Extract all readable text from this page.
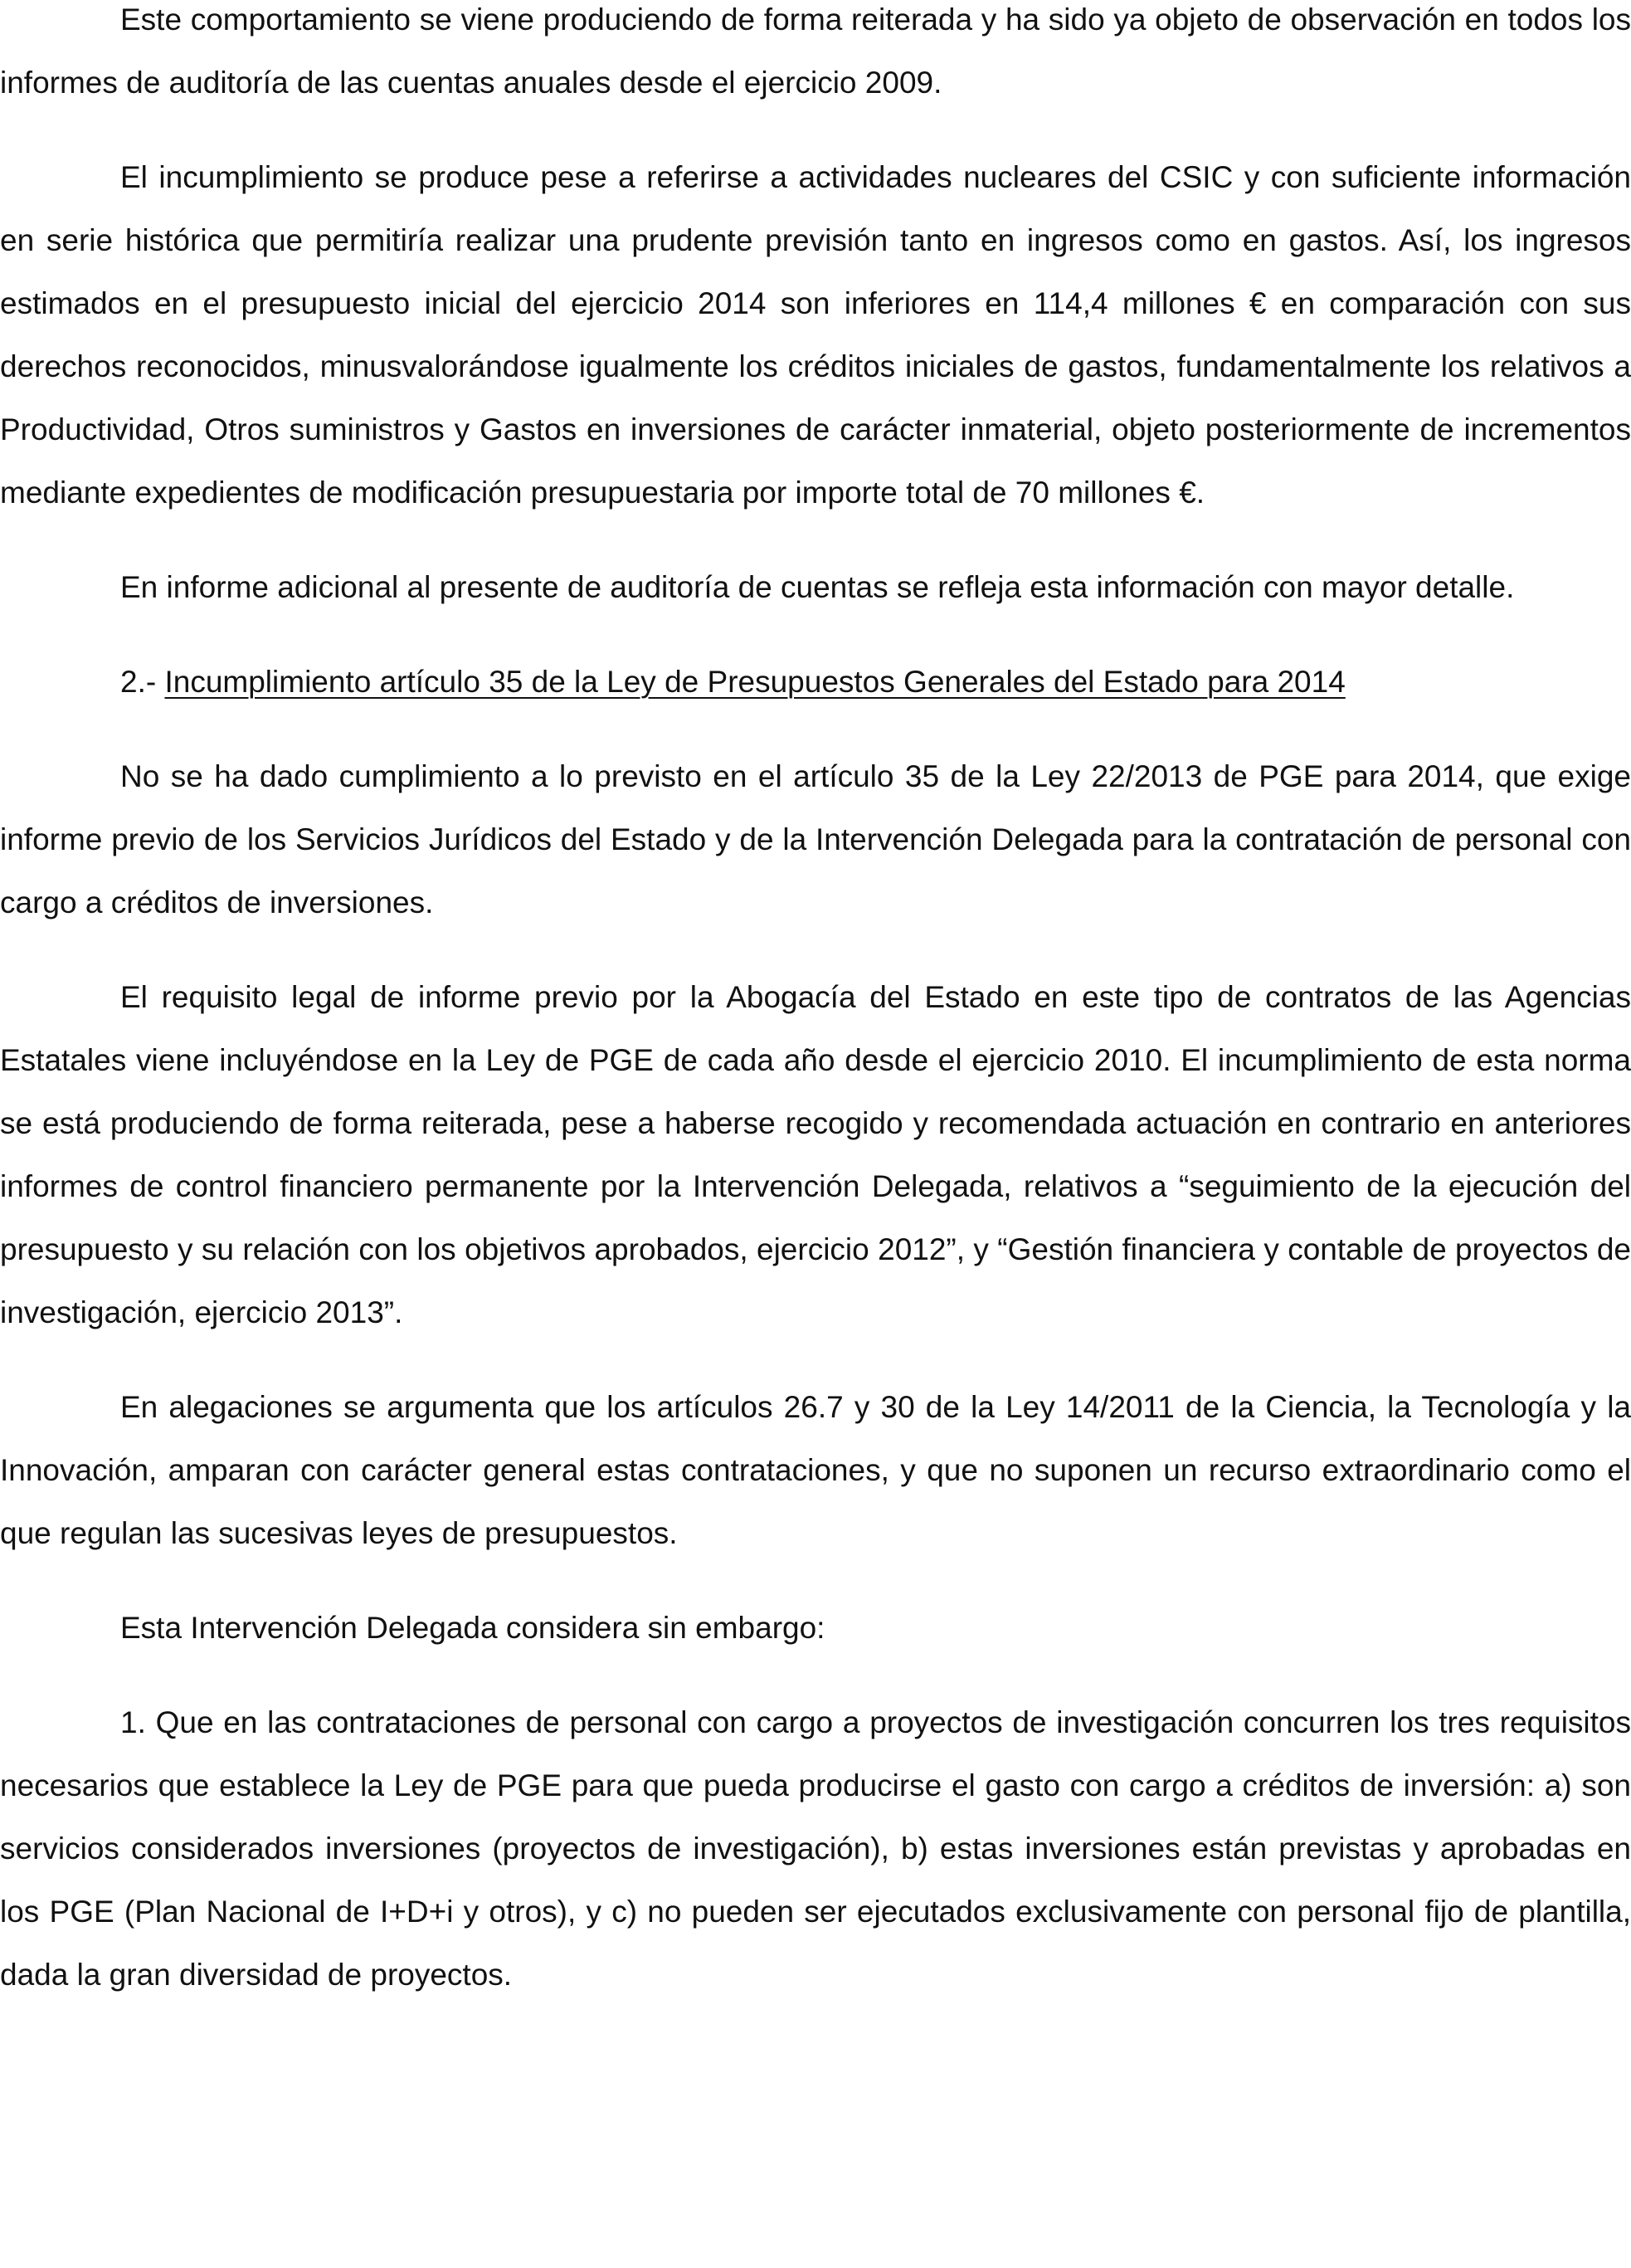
Este comportamiento se viene produciendo de forma reiterada y ha sido ya objeto de observación en todos los informes de auditoría de las cuentas anuales desde el ejercicio 2009.

El incumplimiento se produce pese a referirse a actividades nucleares del CSIC y con suficiente información en serie histórica que permitiría realizar una prudente previsión tanto en ingresos como en gastos. Así, los ingresos estimados en el presupuesto inicial del ejercicio 2014 son inferiores en 114,4 millones € en comparación con sus derechos reconocidos, minusvalorándose igualmente los créditos iniciales de gastos, fundamentalmente los relativos a Productividad, Otros suministros y Gastos en inversiones de carácter inmaterial, objeto posteriormente de incrementos mediante expedientes de modificación presupuestaria por importe total de 70 millones €.

En informe adicional al presente de auditoría de cuentas se refleja esta información con mayor detalle.

2.- Incumplimiento artículo 35 de la Ley de Presupuestos Generales del Estado para 2014

No se ha dado cumplimiento a lo previsto en el artículo 35 de la Ley 22/2013 de PGE para 2014, que exige informe previo de los Servicios Jurídicos del Estado y de la Intervención Delegada para la contratación de personal con cargo a créditos de inversiones.

El requisito legal de informe previo por la Abogacía del Estado en este tipo de contratos de las Agencias Estatales viene incluyéndose en la Ley de PGE de cada año desde el ejercicio 2010. El incumplimiento de esta norma se está produciendo de forma reiterada, pese a haberse recogido y recomendada actuación en contrario en anteriores informes de control financiero permanente por la Intervención Delegada, relativos a “seguimiento de la ejecución del presupuesto y su relación con los objetivos aprobados, ejercicio 2012”, y “Gestión financiera y contable de proyectos de investigación, ejercicio 2013”.

En alegaciones se argumenta que los artículos 26.7 y 30 de la Ley 14/2011 de la Ciencia, la Tecnología y la Innovación, amparan con carácter general estas contrataciones, y que no suponen un recurso extraordinario como el que regulan las sucesivas leyes de presupuestos.

Esta Intervención Delegada considera sin embargo:

1. Que en las contrataciones de personal con cargo a proyectos de investigación concurren los tres requisitos necesarios que establece la Ley de PGE para que pueda producirse el gasto con cargo a créditos de inversión: a) son servicios considerados inversiones (proyectos de investigación), b) estas inversiones están previstas y aprobadas en los PGE (Plan Nacional de I+D+i y otros), y c) no pueden ser ejecutados exclusivamente con personal fijo de plantilla, dada la gran diversidad de proyectos.
